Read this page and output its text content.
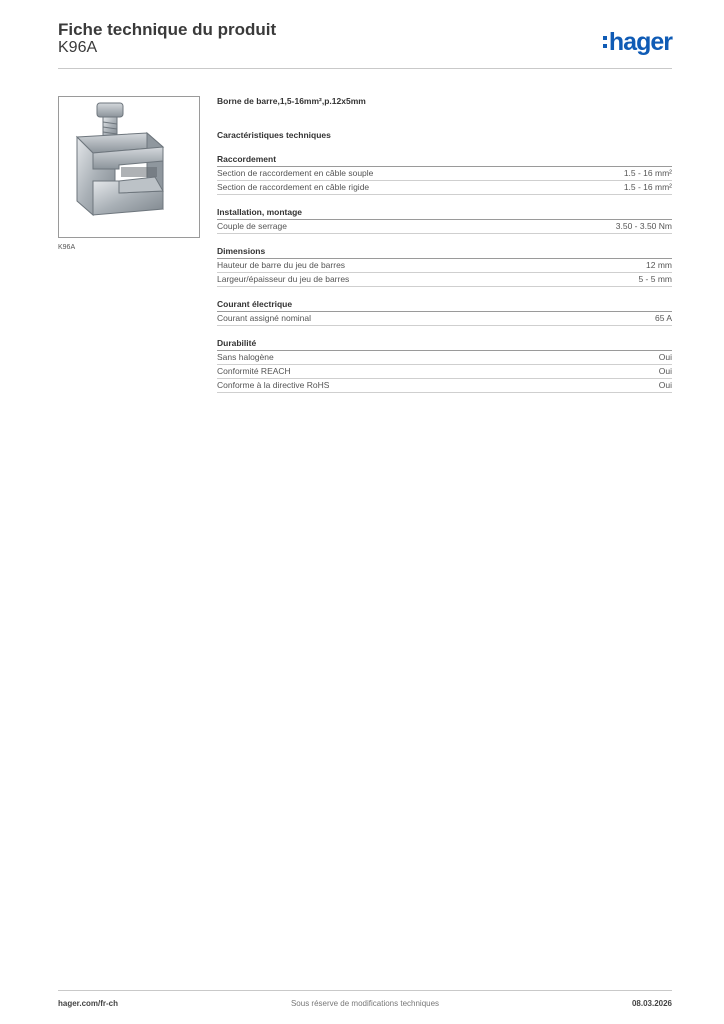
Fiche technique du produit
K96A	hager
K96A
Borne de barre,1,5-16mm²,p.12x5mm
Caractéristiques techniques
Raccordement
Section de raccordement en câble souple	1.5 - 16 mm²
Section de raccordement en câble rigide	1.5 - 16 mm²
Installation, montage
Couple de serrage	3.50 - 3.50 Nm
Dimensions
Hauteur de barre du jeu de barres	12 mm
Largeur/épaisseur du jeu de barres	5 - 5 mm
Courant électrique
Courant assigné nominal	65 A
Durabilité
Sans halogène	Oui
Conformité REACH	Oui
Conforme à la directive RoHS	Oui
hager.com/fr-ch	Sous réserve de modifications techniques	08.03.2026
